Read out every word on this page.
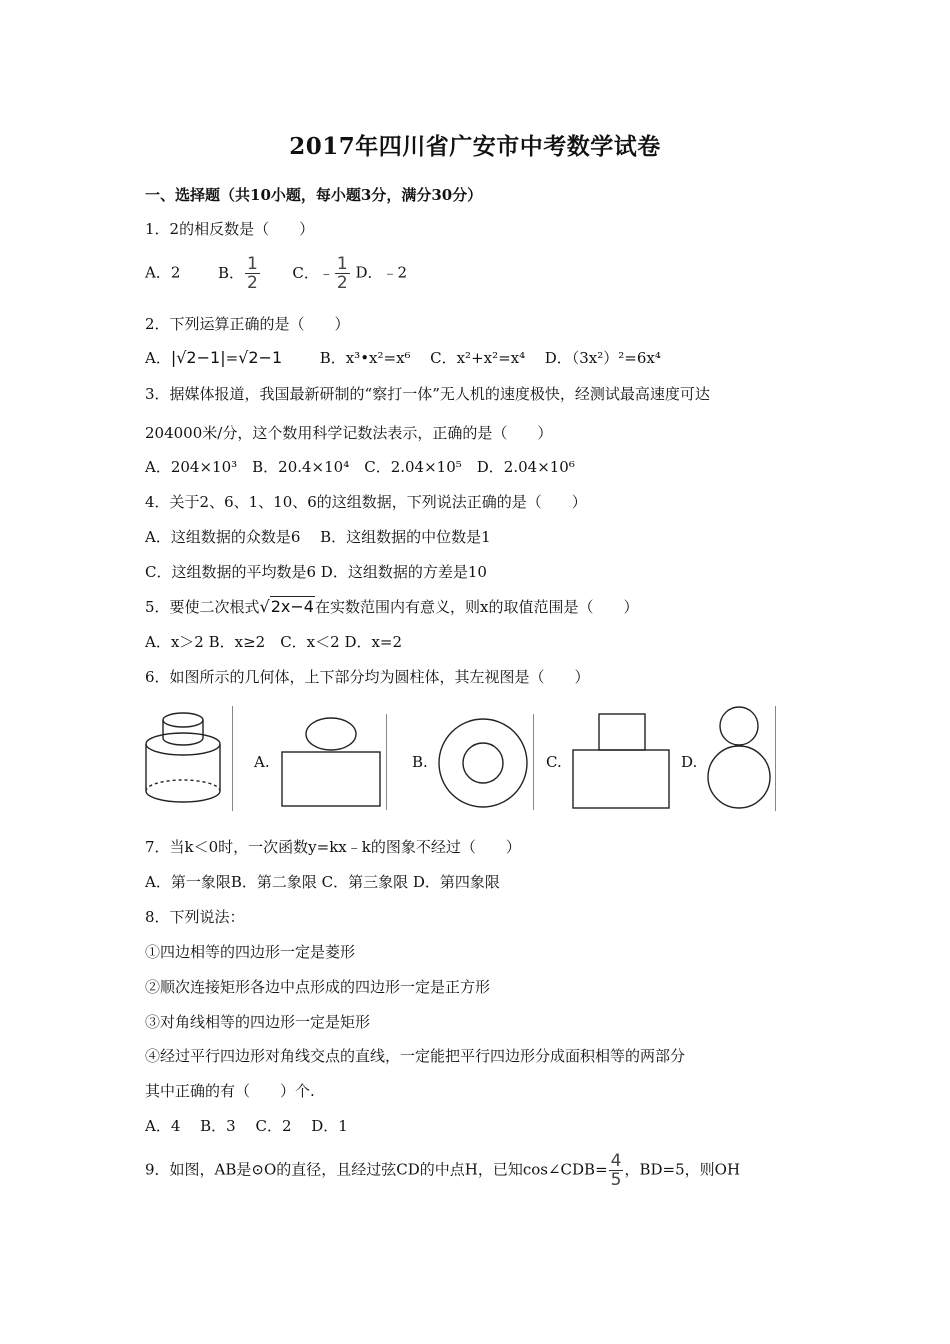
2017年四川省广安市中考数学试卷
一、选择题（共10小题，每小题3分，满分30分）
1．2的相反数是（　　）
A．2	B． $\frac{1}{2}$ C．﹣ $\frac{1}{2}$ D．﹣2
2．下列运算正确的是（　　）
A．|√2−1|=√2−1	B．x³•x²=x⁶ C．x²+x²=x⁴ D．（3x²）²=6x⁴
3．据媒体报道，我国最新研制的“察打一体”无人机的速度极快，经测试最高速度可达
204000米/分，这个数用科学记数法表示，正确的是（　　）
A．204×10³　B．20.4×10⁴　C．2.04×10⁵　D．2.04×10⁶
4．关于2、6、1、10、6的这组数据，下列说法正确的是（　　）
A．这组数据的众数是6　 B．这组数据的中位数是1
C．这组数据的平均数是6 D．这组数据的方差是10
5．要使二次根式√2x−4在实数范围内有意义，则x的取值范围是（　　）
A．x＞2 B．x≥2　C．x＜2 D．x=2
6．如图所示的几何体，上下部分均为圆柱体，其左视图是（　　）
A.	B.	C.	D.
7．当k＜0时，一次函数y=kx﹣k的图象不经过（　　）
A．第一象限B．第二象限 C．第三象限 D．第四象限
8．下列说法：
①四边相等的四边形一定是菱形
②顺次连接矩形各边中点形成的四边形一定是正方形
③对角线相等的四边形一定是矩形
④经过平行四边形对角线交点的直线，一定能把平行四边形分成面积相等的两部分
其中正确的有（　　）个.
A．4　 B．3　 C．2　 D．1
9．如图，AB是⊙O的直径，且经过弦CD的中点H，已知cos∠CDB= $\frac{4}{5}$ ，BD=5，则OH
